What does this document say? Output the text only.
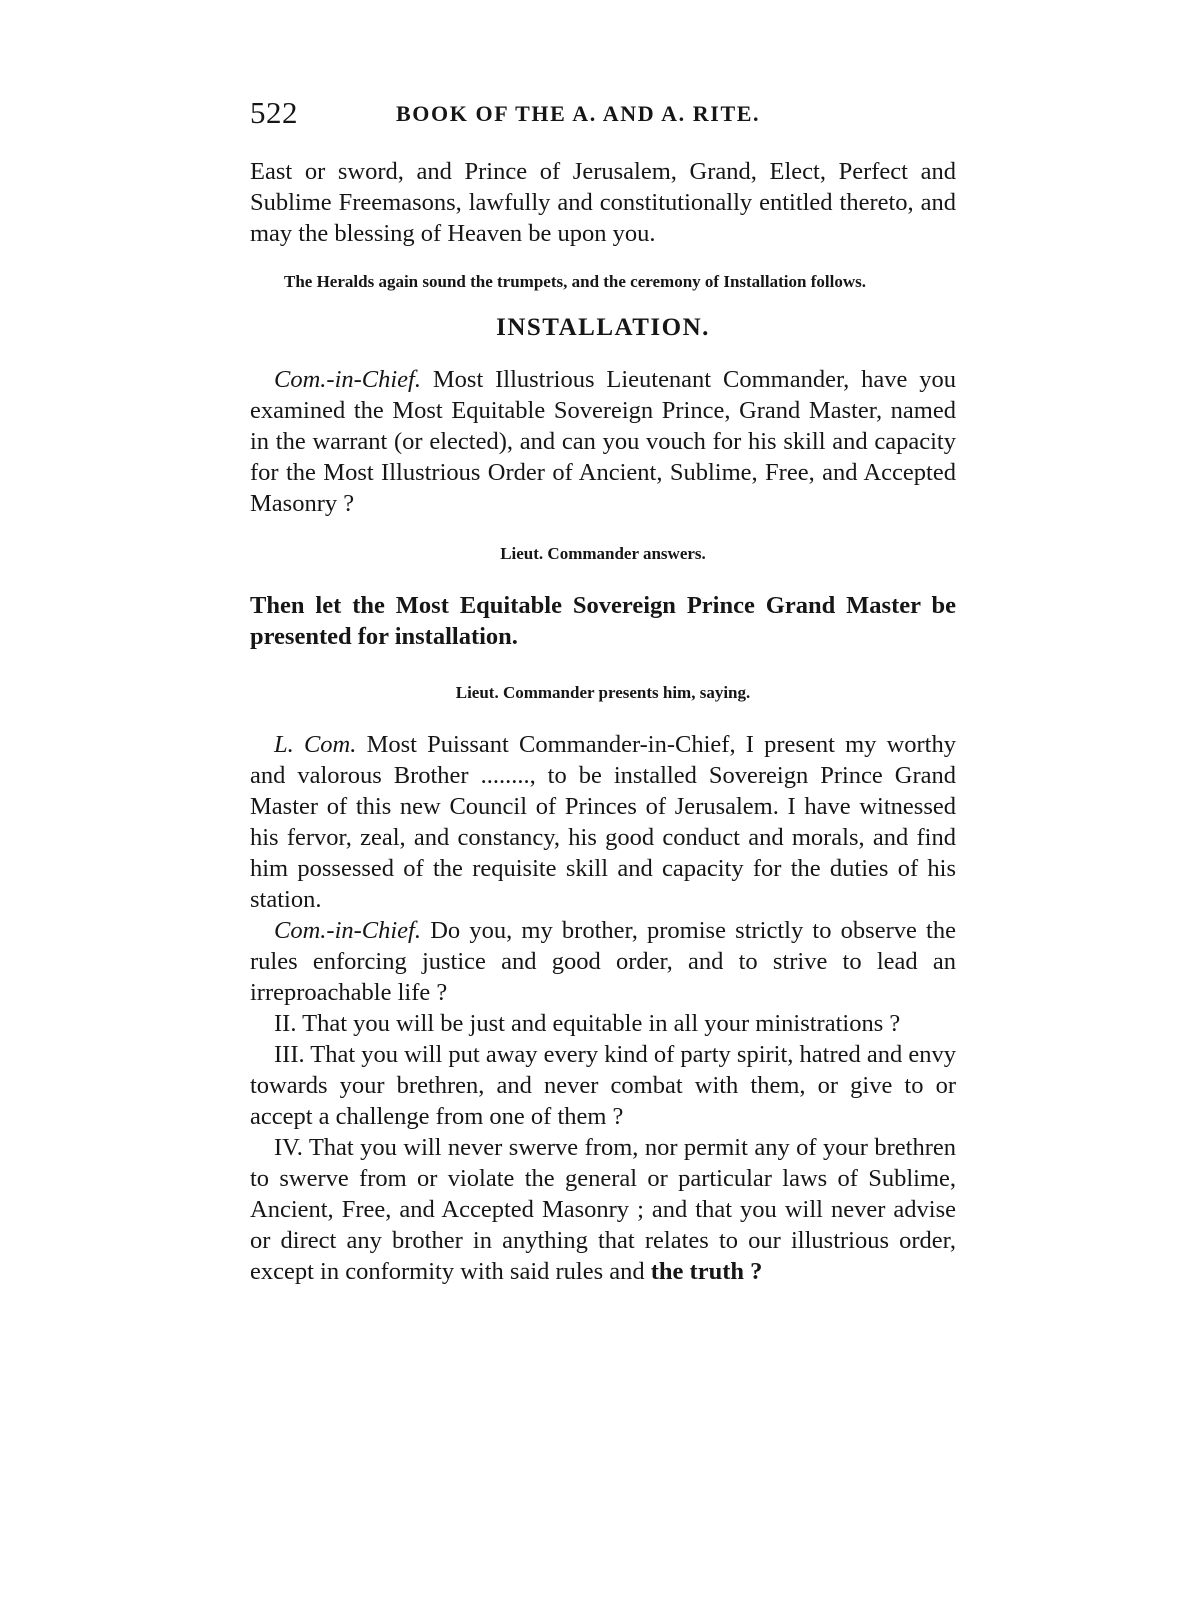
522	BOOK OF THE A. AND A. RITE.

East or sword, and Prince of Jerusalem, Grand, Elect, Perfect and Sublime Freemasons, lawfully and constitutionally entitled thereto, and may the blessing of Heaven be upon you.

The Heralds again sound the trumpets, and the ceremony of Installation follows.

INSTALLATION.

Com.-in-Chief. Most Illustrious Lieutenant Commander, have you examined the Most Equitable Sovereign Prince, Grand Master, named in the warrant (or elected), and can you vouch for his skill and capacity for the Most Illustrious Order of Ancient, Sublime, Free, and Accepted Masonry ?

Lieut. Commander answers.

Then let the Most Equitable Sovereign Prince Grand Master be presented for installation.

Lieut. Commander presents him, saying.

L. Com. Most Puissant Commander-in-Chief, I present my worthy and valorous Brother ........, to be installed Sovereign Prince Grand Master of this new Council of Princes of Jerusalem. I have witnessed his fervor, zeal, and constancy, his good conduct and morals, and find him possessed of the requisite skill and capacity for the duties of his station.

Com.-in-Chief. Do you, my brother, promise strictly to observe the rules enforcing justice and good order, and to strive to lead an irreproachable life ?

II. That you will be just and equitable in all your ministrations ?

III. That you will put away every kind of party spirit, hatred and envy towards your brethren, and never combat with them, or give to or accept a challenge from one of them ?

IV. That you will never swerve from, nor permit any of your brethren to swerve from or violate the general or particular laws of Sublime, Ancient, Free, and Accepted Masonry ; and that you will never advise or direct any brother in anything that relates to our illustrious order, except in conformity with said rules and the truth ?
